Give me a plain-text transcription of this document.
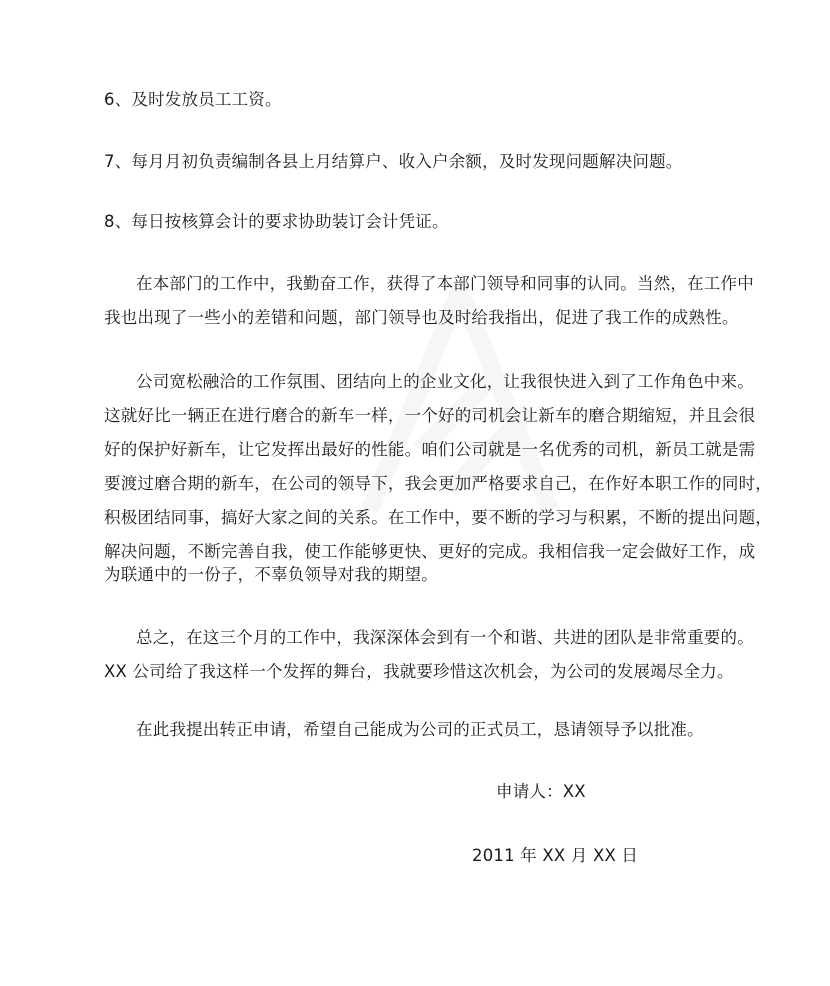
6、及时发放员工工资。
7、每月月初负责编制各县上月结算户、收入户余额，及时发现问题解决问题。
8、每日按核算会计的要求协助装订会计凭证。
在本部门的工作中，我勤奋工作，获得了本部门领导和同事的认同。当然，在工作中
我也出现了一些小的差错和问题，部门领导也及时给我指出，促进了我工作的成熟性。
公司宽松融洽的工作氛围、团结向上的企业文化，让我很快进入到了工作角色中来。
这就好比一辆正在进行磨合的新车一样，一个好的司机会让新车的磨合期缩短，并且会很
好的保护好新车，让它发挥出最好的性能。咱们公司就是一名优秀的司机，新员工就是需
要渡过磨合期的新车，在公司的领导下，我会更加严格要求自己，在作好本职工作的同时，
积极团结同事，搞好大家之间的关系。在工作中，要不断的学习与积累，不断的提出问题，
解决问题，不断完善自我，使工作能够更快、更好的完成。我相信我一定会做好工作，成
为联通中的一份子，不辜负领导对我的期望。
总之，在这三个月的工作中，我深深体会到有一个和谐、共进的团队是非常重要的。
XX 公司给了我这样一个发挥的舞台，我就要珍惜这次机会，为公司的发展竭尽全力。
在此我提出转正申请，希望自己能成为公司的正式员工，恳请领导予以批准。
申请人：XX
2011 年 XX 月 XX 日
